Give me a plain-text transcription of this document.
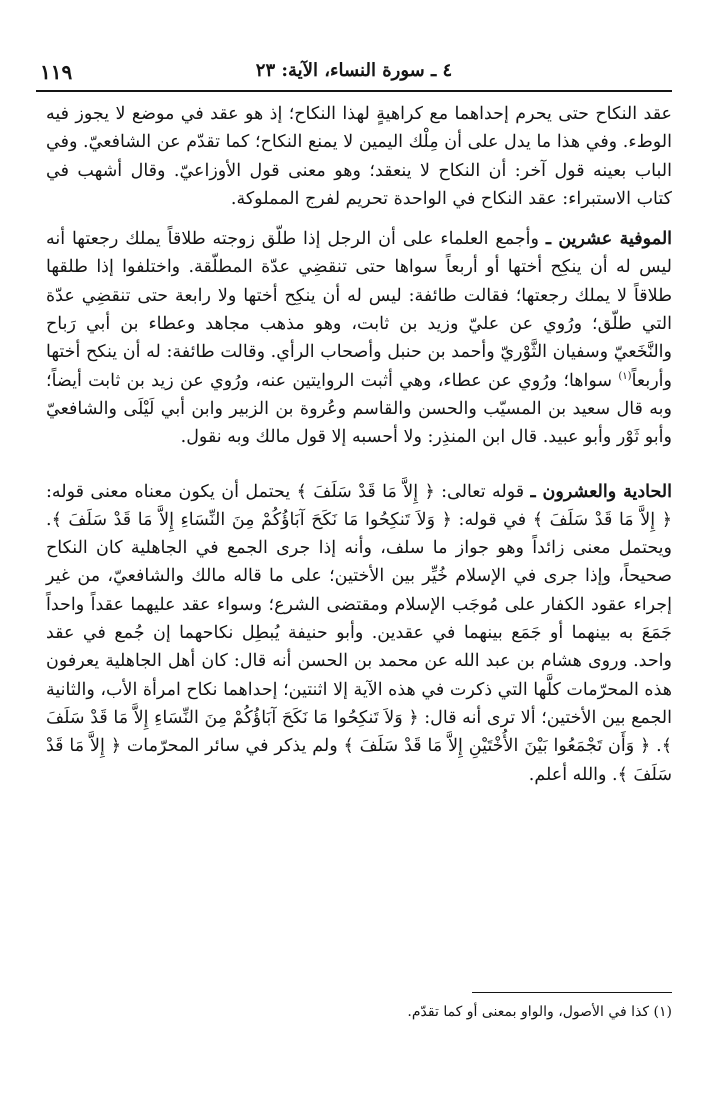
١١٩	٤ ـ سورة النساء، الآية: ٢٣

عقد النكاح حتى يحرم إحداهما مع كراهيةٍ لهذا النكاح؛ إذ هو عقد في موضع لا يجوز فيه الوطء. وفي هذا ما يدل على أن مِلْك اليمين لا يمنع النكاح؛ كما تقدّم عن الشافعيّ. وفي الباب بعينه قول آخر: أن النكاح لا ينعقد؛ وهو معنى قول الأوزاعيّ. وقال أشهب في كتاب الاستبراء: عقد النكاح في الواحدة تحريم لفرج المملوكة.

الموفية عشرين ـ وأجمع العلماء على أن الرجل إذا طلّق زوجته طلاقاً يملك رجعتها أنه ليس له أن ينكِح أختها أو أربعاً سواها حتى تنقضِي عدّة المطلّقة. واختلفوا إذا طلقها طلاقاً لا يملك رجعتها؛ فقالت طائفة: ليس له أن ينكِح أختها ولا رابعة حتى تنقضِي عدّة التي طلّق؛ ورُوي عن عليّ وزيد بن ثابت، وهو مذهب مجاهد وعطاء بن أبي رَباح والنَّخَعيّ وسفيان الثَّوْريّ وأحمد بن حنبل وأصحاب الرأي. وقالت طائفة: له أن ينكح أختها وأربعاً$^{(١)}$ سواها؛ ورُوي عن عطاء، وهي أثبت الروايتين عنه، ورُوي عن زيد بن ثابت أيضاً؛ وبه قال سعيد بن المسيّب والحسن والقاسم وعُروة بن الزبير وابن أبي لَيْلَى والشافعيّ وأبو ثَوْر وأبو عبيد. قال ابن المنذِر: ولا أحسبه إلا قول مالك وبه نقول.

الحادية والعشرون ـ قوله تعالى: ﴿ إِلاَّ مَا قَدْ سَلَفَ ﴾ يحتمل أن يكون معناه معنى قوله: ﴿ إِلاَّ مَا قَدْ سَلَفَ ﴾ في قوله: ﴿ وَلاَ تَنكِحُوا مَا نَكَحَ آبَاؤُكُمْ مِنَ النِّسَاءِ إِلاَّ مَا قَدْ سَلَفَ ﴾. ويحتمل معنى زائداً وهو جواز ما سلف، وأنه إذا جرى الجمع في الجاهلية كان النكاح صحيحاً، وإذا جرى في الإسلام خُيِّر بين الأختين؛ على ما قاله مالك والشافعيّ، من غير إجراء عقود الكفار على مُوجَب الإسلام ومقتضى الشرع؛ وسواء عقد عليهما عقداً واحداً جَمَعَ به بينهما أو جَمَع بينهما في عقدين. وأبو حنيفة يُبطِل نكاحهما إن جُمع في عقد واحد. وروى هشام بن عبد الله عن محمد بن الحسن أنه قال: كان أهل الجاهلية يعرفون هذه المحرّمات كلَّها التي ذكرت في هذه الآية إلا اثنتين؛ إحداهما نكاح امرأة الأب، والثانية الجمع بين الأختين؛ ألا ترى أنه قال: ﴿ وَلاَ تَنكِحُوا مَا نَكَحَ آبَاؤُكُمْ مِنَ النِّسَاءِ إِلاَّ مَا قَدْ سَلَفَ ﴾. ﴿ وَأَن تَجْمَعُوا بَيْنَ الأُخْتَيْنِ إِلاَّ مَا قَدْ سَلَفَ ﴾ ولم يذكر في سائر المحرّمات ﴿ إِلاَّ مَا قَدْ سَلَفَ ﴾. والله أعلم.

(١) كذا في الأصول، والواو بمعنى أو كما تقدّم.
